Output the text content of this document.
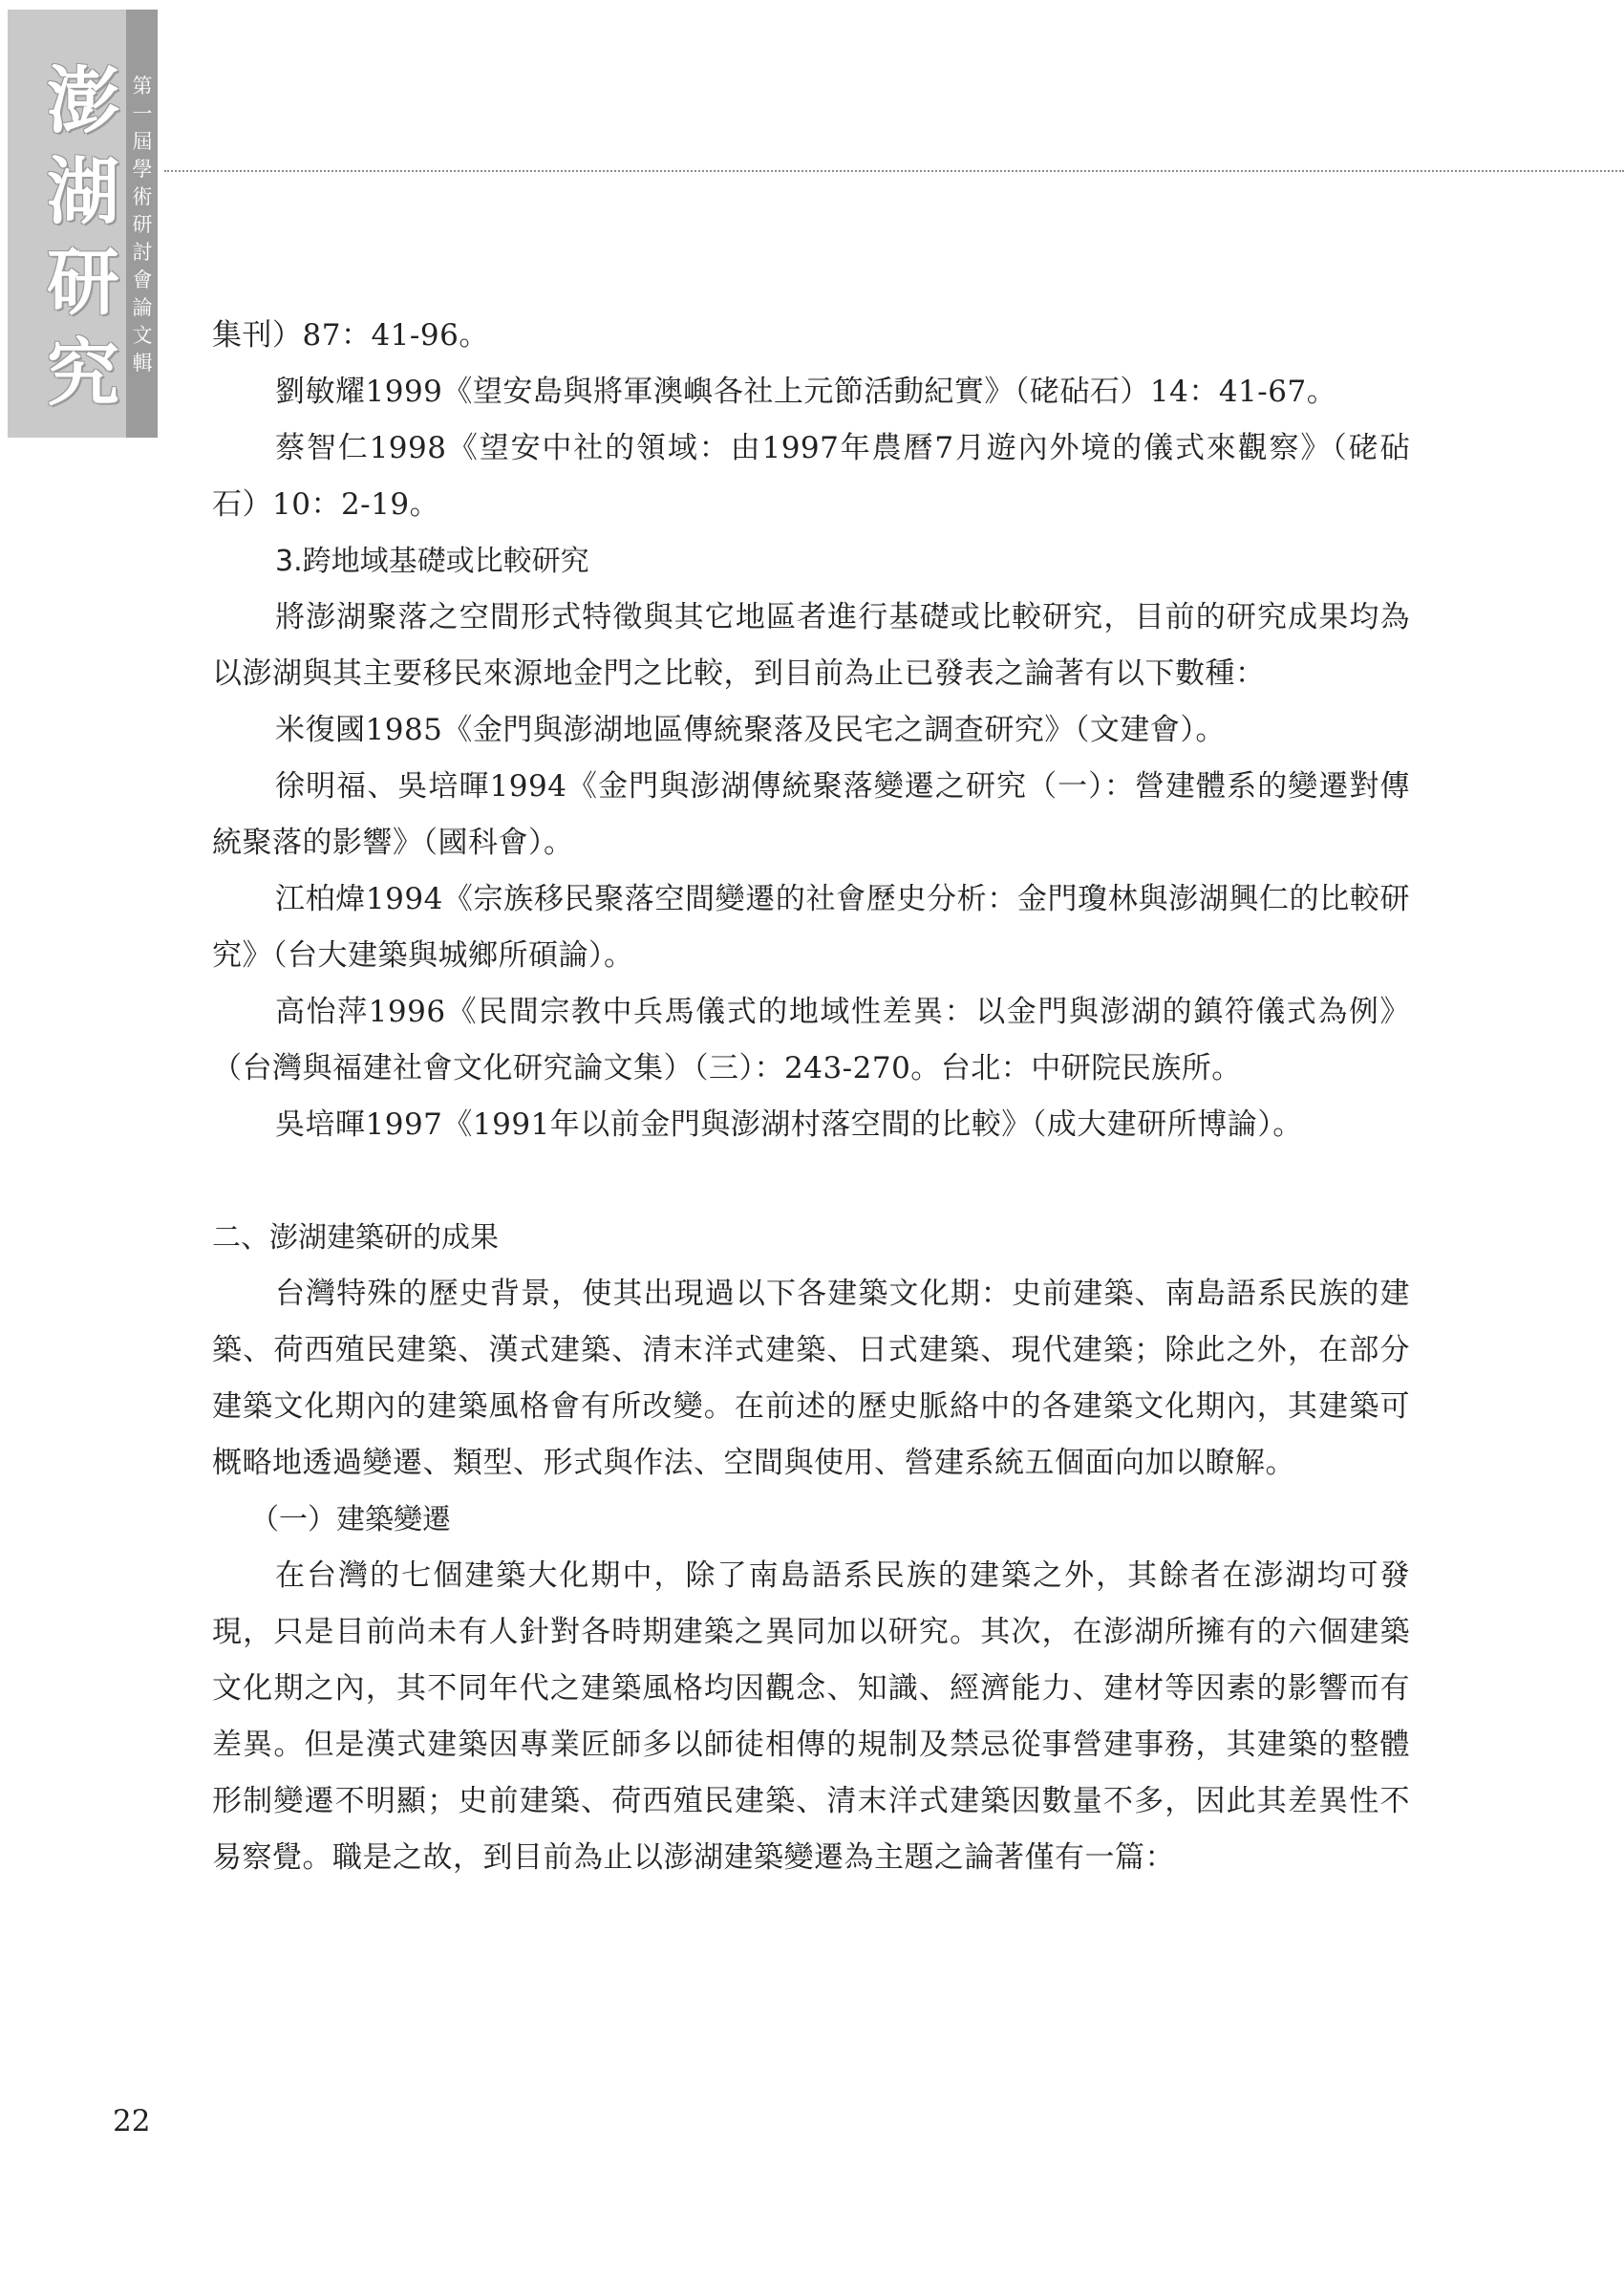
澎
湖
研
究
第
一
屆
學
術
研
討
會
論
文
輯

集刊）87：41-96。

劉敏耀1999《望安島與將軍澳嶼各社上元節活動紀實》（硓砧石）14：41-67。

蔡智仁1998《望安中社的領域：由1997年農曆7月遊內外境的儀式來觀察》（硓砧石）10：2-19。

3.跨地域基礎或比較研究

將澎湖聚落之空間形式特徵與其它地區者進行基礎或比較研究，目前的研究成果均為以澎湖與其主要移民來源地金門之比較，到目前為止已發表之論著有以下數種：

米復國1985《金門與澎湖地區傳統聚落及民宅之調查研究》（文建會）。

徐明福、吳培暉1994《金門與澎湖傳統聚落變遷之研究（一）：營建體系的變遷對傳統聚落的影響》（國科會）。

江柏煒1994《宗族移民聚落空間變遷的社會歷史分析：金門瓊林與澎湖興仁的比較研究》（台大建築與城鄉所碩論）。

高怡萍1996《民間宗教中兵馬儀式的地域性差異：以金門與澎湖的鎮符儀式為例》（台灣與福建社會文化研究論文集）（三）：243-270。台北：中研院民族所。

吳培暉1997《1991年以前金門與澎湖村落空間的比較》（成大建研所博論）。

二、澎湖建築研的成果

台灣特殊的歷史背景，使其出現過以下各建築文化期：史前建築、南島語系民族的建築、荷西殖民建築、漢式建築、清末洋式建築、日式建築、現代建築；除此之外，在部分建築文化期內的建築風格會有所改變。在前述的歷史脈絡中的各建築文化期內，其建築可概略地透過變遷、類型、形式與作法、空間與使用、營建系統五個面向加以瞭解。

（一）建築變遷

在台灣的七個建築大化期中，除了南島語系民族的建築之外，其餘者在澎湖均可發現，只是目前尚未有人針對各時期建築之異同加以研究。其次，在澎湖所擁有的六個建築文化期之內，其不同年代之建築風格均因觀念、知識、經濟能力、建材等因素的影響而有差異。但是漢式建築因專業匠師多以師徒相傳的規制及禁忌從事營建事務，其建築的整體形制變遷不明顯；史前建築、荷西殖民建築、清末洋式建築因數量不多，因此其差異性不易察覺。職是之故，到目前為止以澎湖建築變遷為主題之論著僅有一篇：

22
